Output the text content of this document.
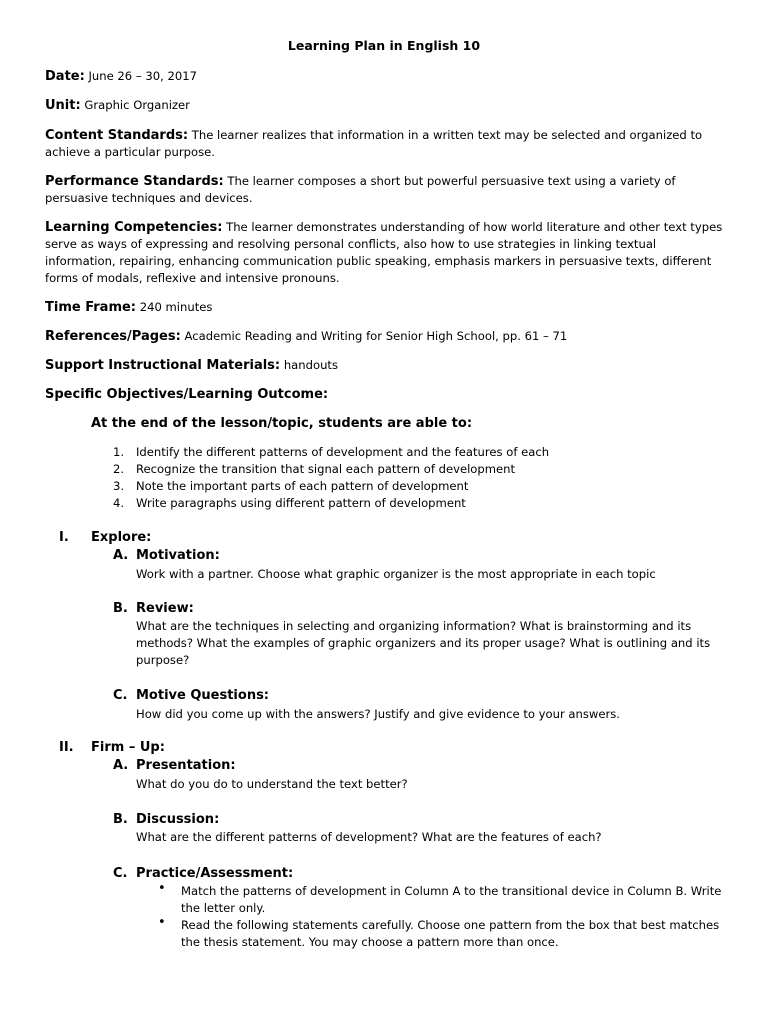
Learning Plan in English 10
Date: June 26 – 30, 2017
Unit: Graphic Organizer
Content Standards: The learner realizes that information in a written text may be selected and organized to achieve a particular purpose.
Performance Standards: The learner composes a short but powerful persuasive text using a variety of persuasive techniques and devices.
Learning Competencies: The learner demonstrates understanding of how world literature and other text types serve as ways of expressing and resolving personal conflicts, also how to use strategies in linking textual information, repairing, enhancing communication public speaking, emphasis markers in persuasive texts, different forms of modals, reflexive and intensive pronouns.
Time Frame: 240 minutes
References/Pages: Academic Reading and Writing for Senior High School, pp. 61 – 71
Support Instructional Materials: handouts
Specific Objectives/Learning Outcome:
At the end of the lesson/topic, students are able to:
1. Identify the different patterns of development and the features of each
2. Recognize the transition that signal each pattern of development
3. Note the important parts of each pattern of development
4. Write paragraphs using different pattern of development
I. Explore:
A. Motivation:
Work with a partner. Choose what graphic organizer is the most appropriate in each topic
B. Review:
What are the techniques in selecting and organizing information? What is brainstorming and its methods? What the examples of graphic organizers and its proper usage? What is outlining and its purpose?
C. Motive Questions:
How did you come up with the answers? Justify and give evidence to your answers.
II. Firm – Up:
A. Presentation:
What do you do to understand the text better?
B. Discussion:
What are the different patterns of development? What are the features of each?
C. Practice/Assessment:
• Match the patterns of development in Column A to the transitional device in Column B. Write the letter only.
• Read the following statements carefully. Choose one pattern from the box that best matches the thesis statement. You may choose a pattern more than once.
